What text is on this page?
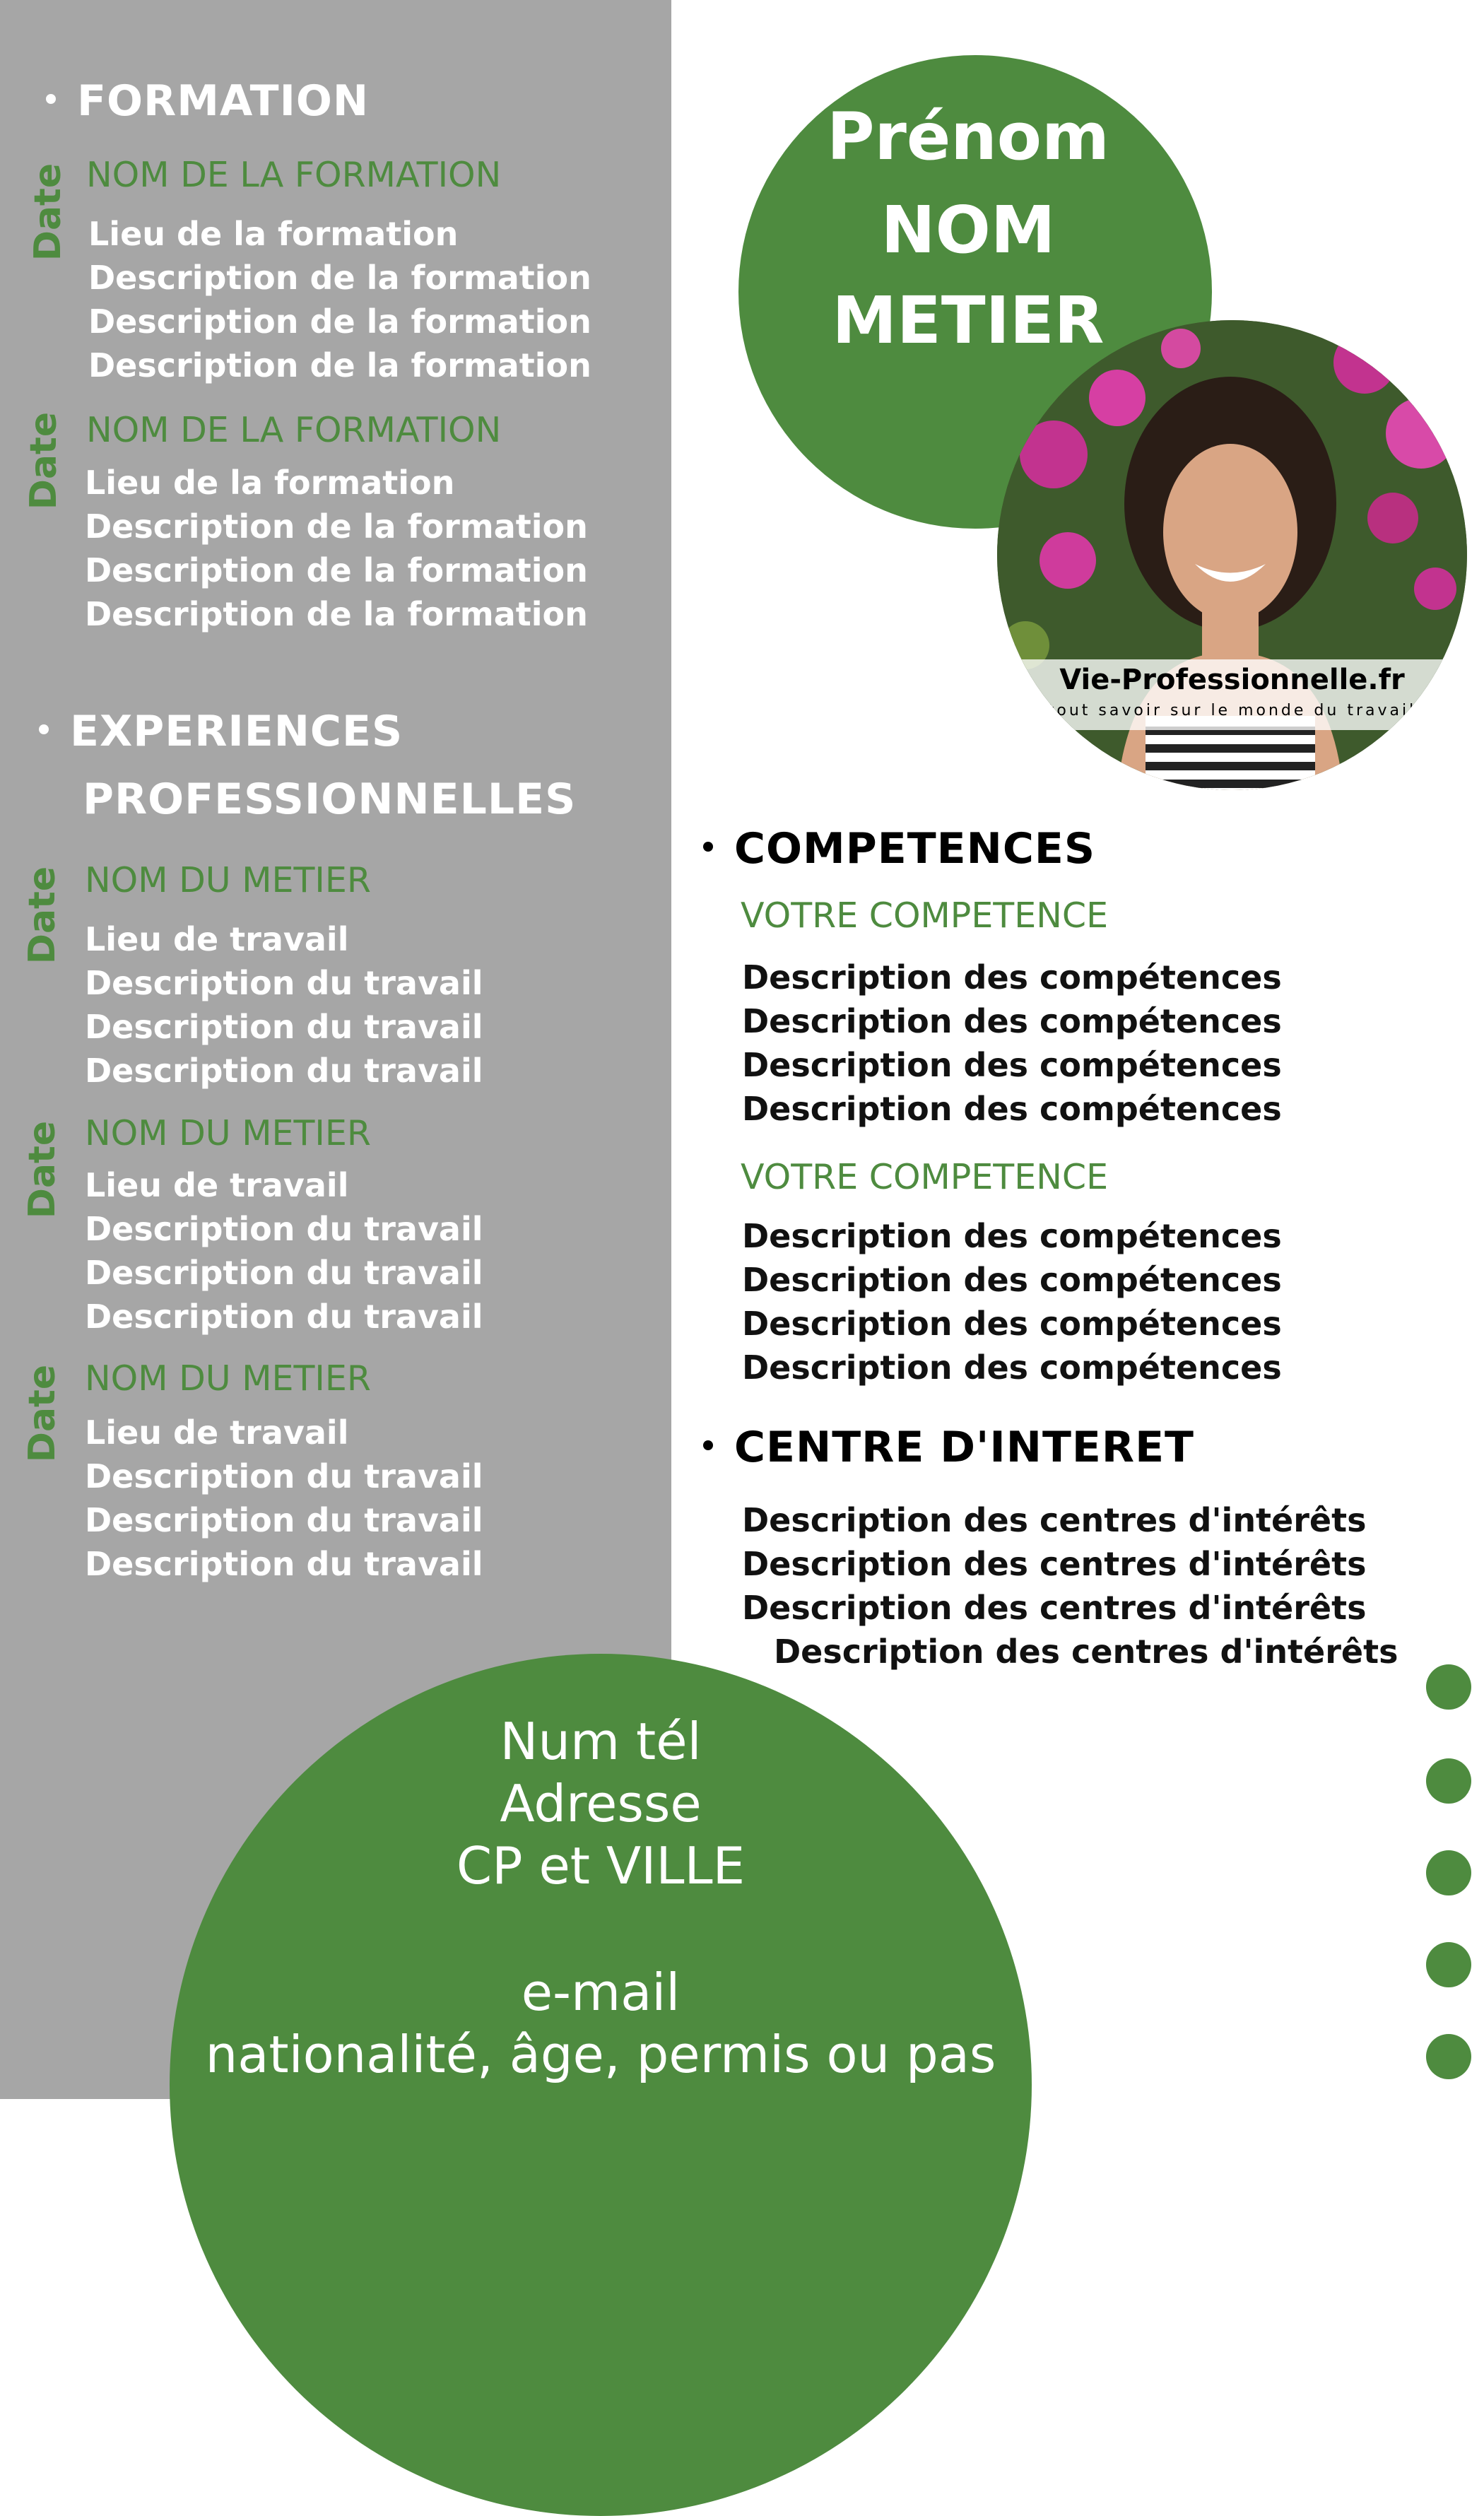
FORMATION
Date NOM DE LA FORMATION
Lieu de la formation
Description de la formation
Description de la formation
Description de la formation
Date NOM DE LA FORMATION
Lieu de la formation
Description de la formation
Description de la formation
Description de la formation
EXPERIENCES
PROFESSIONNELLES
Date NOM DU METIER
Lieu de travail
Description du travail
Description du travail
Description du travail
Date NOM DU METIER
Lieu de travail
Description du travail
Description du travail
Description du travail
Date NOM DU METIER
Lieu de travail
Description du travail
Description du travail
Description du travail
Prénom
NOM
METIER
Vie-Professionnelle.fr
tout savoir sur le monde du travail
COMPETENCES
VOTRE COMPETENCE
Description des compétences
Description des compétences
Description des compétences
Description des compétences
VOTRE COMPETENCE
Description des compétences
Description des compétences
Description des compétences
Description des compétences
CENTRE D'INTERET
Description des centres d'intérêts
Description des centres d'intérêts
Description des centres d'intérêts
Description des centres d'intérêts
Num tél
Adresse
CP et VILLE
e-mail
nationalité, âge, permis ou pas
